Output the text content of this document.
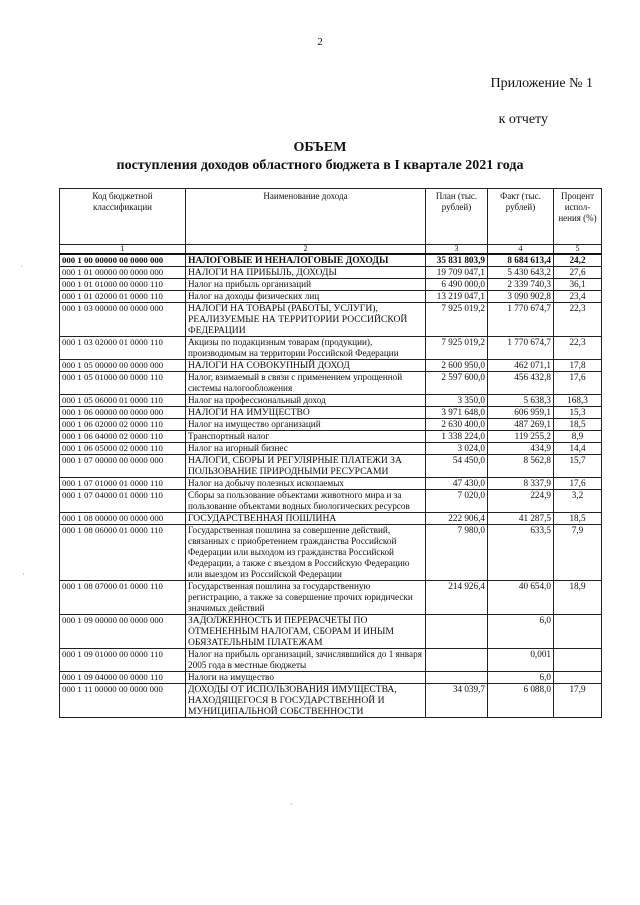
2
Приложение № 1
к отчету
ОБЪЕМ
поступления доходов областного бюджета в I квартале 2021 года
·
·
·
Код бюджетной классификации	Наименование дохода	План (тыс. рублей)	Факт (тыс. рублей)	Процент испол-нения (%)
1	2	3	4	5
000 1 00 00000 00 0000 000	НАЛОГОВЫЕ И НЕНАЛОГОВЫЕ ДОХОДЫ	35 831 803,9	8 684 613,4	24,2
000 1 01 00000 00 0000 000	НАЛОГИ НА ПРИБЫЛЬ, ДОХОДЫ	19 709 047,1	5 430 643,2	27,6
000 1 01 01000 00 0000 110	Налог на прибыль организаций	6 490 000,0	2 339 740,3	36,1
000 1 01 02000 01 0000 110	Налог на доходы физических лиц	13 219 047,1	3 090 902,8	23,4
000 1 03 00000 00 0000 000	НАЛОГИ НА ТОВАРЫ (РАБОТЫ, УСЛУГИ), РЕАЛИЗУЕМЫЕ НА ТЕРРИТОРИИ РОССИЙСКОЙ ФЕДЕРАЦИИ	7 925 019,2	1 770 674,7	22,3
000 1 03 02000 01 0000 110	Акцизы по подакцизным товарам (продукции), производимым на территории Российской Федерации	7 925 019,2	1 770 674,7	22,3
000 1 05 00000 00 0000 000	НАЛОГИ НА СОВОКУПНЫЙ ДОХОД	2 600 950,0	462 071,1	17,8
000 1 05 01000 00 0000 110	Налог, взимаемый в связи с применением упрощенной системы налогообложения	2 597 600,0	456 432,8	17,6
000 1 05 06000 01 0000 110	Налог на профессиональный доход	3 350,0	5 638,3	168,3
000 1 06 00000 00 0000 000	НАЛОГИ НА ИМУЩЕСТВО	3 971 648,0	606 959,1	15,3
000 1 06 02000 02 0000 110	Налог на имущество организаций	2 630 400,0	487 269,1	18,5
000 1 06 04000 02 0000 110	Транспортный налог	1 338 224,0	119 255,2	8,9
000 1 06 05000 02 0000 110	Налог на игорный бизнес	3 024,0	434,9	14,4
000 1 07 00000 00 0000 000	НАЛОГИ, СБОРЫ И РЕГУЛЯРНЫЕ ПЛАТЕЖИ ЗА ПОЛЬЗОВАНИЕ ПРИРОДНЫМИ РЕСУРСАМИ	54 450,0	8 562,8	15,7
000 1 07 01000 01 0000 110	Налог на добычу полезных ископаемых	47 430,0	8 337,9	17,6
000 1 07 04000 01 0000 110	Сборы за пользование объектами животного мира и за пользование объектами водных биологических ресурсов	7 020,0	224,9	3,2
000 1 08 00000 00 0000 000	ГОСУДАРСТВЕННАЯ ПОШЛИНА	222 906,4	41 287,5	18,5
000 1 08 06000 01 0000 110	Государственная пошлина за совершение действий, связанных с приобретением гражданства Российской Федерации или выходом из гражданства Российской Федерации, а также с въездом в Российскую Федерацию или выездом из Российской Федерации	7 980,0	633,5	7,9
000 1 08 07000 01 0000 110	Государственная пошлина за государственную регистрацию, а также за совершение прочих юридически значимых действий	214 926,4	40 654,0	18,9
000 1 09 00000 00 0000 000	ЗАДОЛЖЕННОСТЬ И ПЕРЕРАСЧЕТЫ ПО ОТМЕНЕННЫМ НАЛОГАМ, СБОРАМ И ИНЫМ ОБЯЗАТЕЛЬНЫМ ПЛАТЕЖАМ		6,0	
000 1 09 01000 00 0000 110	Налог на прибыль организаций, зачислявшийся до 1 января 2005 года в местные бюджеты		0,001	
000 1 09 04000 00 0000 110	Налоги на имущество		6,0	
000 1 11 00000 00 0000 000	ДОХОДЫ ОТ ИСПОЛЬЗОВАНИЯ ИМУЩЕСТВА, НАХОДЯЩЕГОСЯ В ГОСУДАРСТВЕННОЙ И МУНИЦИПАЛЬНОЙ СОБСТВЕННОСТИ	34 039,7	6 088,0	17,9
